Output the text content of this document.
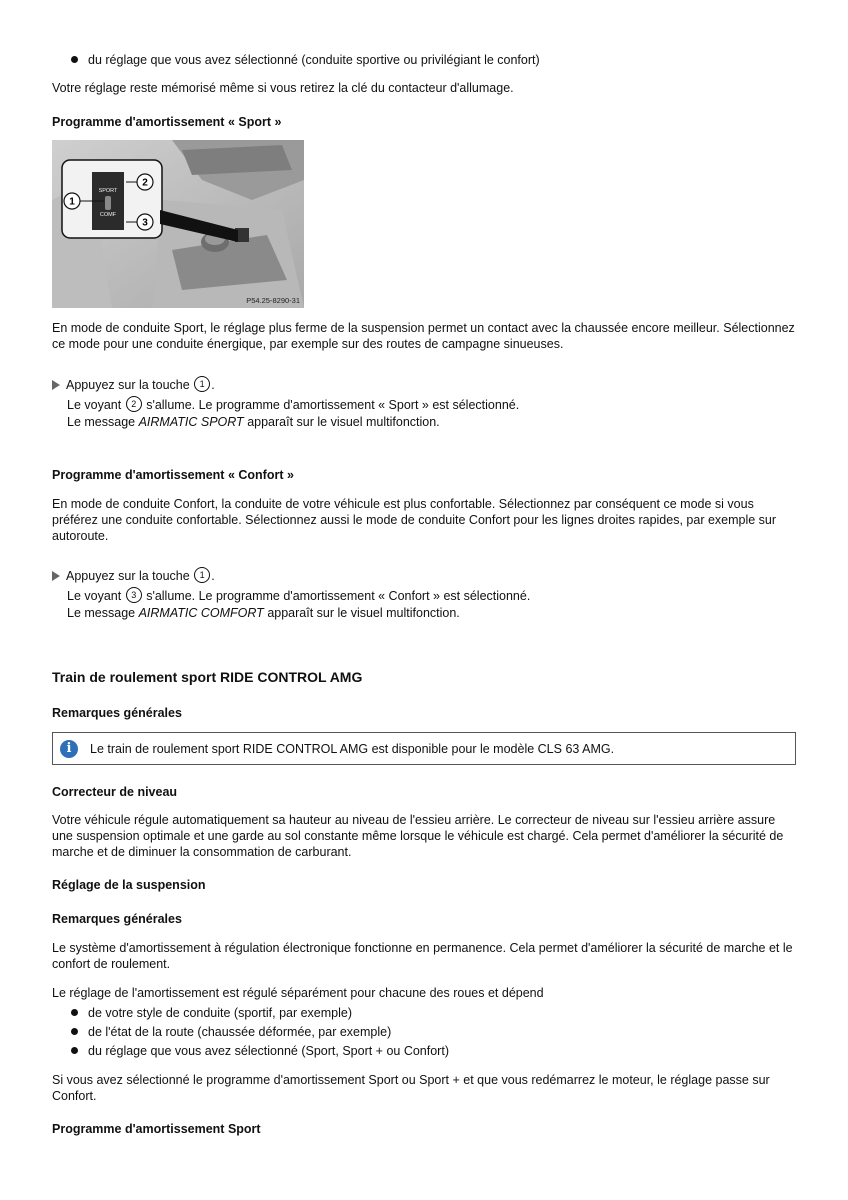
du réglage que vous avez sélectionné (conduite sportive ou privilégiant le confort)

Votre réglage reste mémorisé même si vous retirez la clé du contacteur d'allumage.

Programme d'amortissement « Sport »

SPORT
COMF
1
2
3
P54.25-8290-31

En mode de conduite Sport, le réglage plus ferme de la suspension permet un contact avec la chaussée encore meilleur. Sélectionnez ce mode pour une conduite énergique, par exemple sur des routes de campagne sinueuses.

Appuyez sur la touche 1 .
Le voyant 2 s'allume. Le programme d'amortissement « Sport » est sélectionné.
Le message AIRMATIC SPORT apparaît sur le visuel multifonction.

Programme d'amortissement « Confort »

En mode de conduite Confort, la conduite de votre véhicule est plus confortable. Sélectionnez par conséquent ce mode si vous préférez une conduite confortable. Sélectionnez aussi le mode de conduite Confort pour les lignes droites rapides, par exemple sur autoroute.

Appuyez sur la touche 1 .
Le voyant 3 s'allume. Le programme d'amortissement « Confort » est sélectionné.
Le message AIRMATIC COMFORT apparaît sur le visuel multifonction.

Train de roulement sport RIDE CONTROL AMG

Remarques générales

i	Le train de roulement sport RIDE CONTROL AMG est disponible pour le modèle CLS 63 AMG.

Correcteur de niveau

Votre véhicule régule automatiquement sa hauteur au niveau de l'essieu arrière. Le correcteur de niveau sur l'essieu arrière assure une suspension optimale et une garde au sol constante même lorsque le véhicule est chargé. Cela permet d'améliorer la sécurité de marche et de diminuer la consommation de carburant.

Réglage de la suspension

Remarques générales

Le système d'amortissement à régulation électronique fonctionne en permanence. Cela permet d'améliorer la sécurité de marche et le confort de roulement.

Le réglage de l'amortissement est régulé séparément pour chacune des roues et dépend

de votre style de conduite (sportif, par exemple)
de l'état de la route (chaussée déformée, par exemple)
du réglage que vous avez sélectionné (Sport, Sport + ou Confort)

Si vous avez sélectionné le programme d'amortissement Sport ou Sport + et que vous redémarrez le moteur, le réglage passe sur Confort.

Programme d'amortissement Sport
